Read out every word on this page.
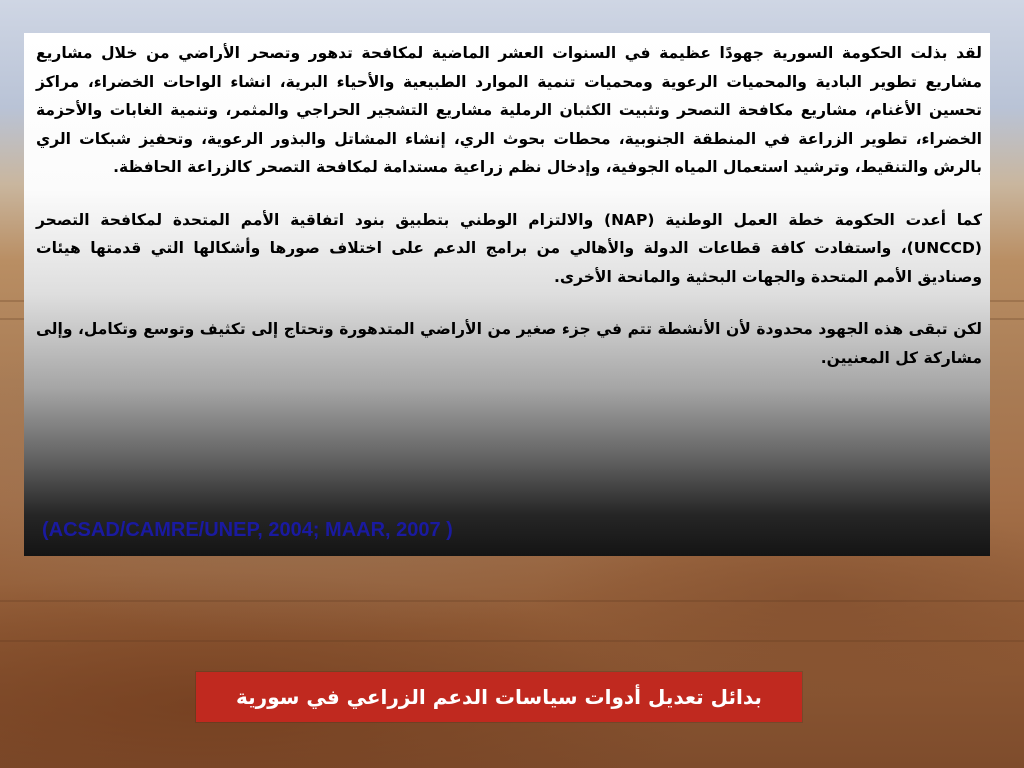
لقد بذلت الحكومة السورية جهودًا عظيمة في السنوات العشر الماضية لمكافحة تدهور وتصحر الأراضي من خلال مشاريع مشاريع تطوير البادية والمحميات الرعوية ومحميات تنمية الموارد الطبيعية والأحياء البرية، انشاء الواحات الخضراء، مراكز تحسين الأغنام، مشاريع مكافحة التصحر وتثبيت الكثبان الرملية مشاريع التشجير الحراجي والمثمر، وتنمية الغابات والأحزمة الخضراء، تطوير الزراعة في المنطقة الجنوبية، محطات بحوث الري، إنشاء المشاتل والبذور الرعوية، وتحفيز شبكات الري بالرش والتنقيط، وترشيد استعمال المياه الجوفية، وإدخال نظم زراعية مستدامة لمكافحة التصحر كالزراعة الحافظة.

كما أعدت الحكومة خطة العمل الوطنية (NAP) والالتزام الوطني بتطبيق بنود اتفاقية الأمم المتحدة لمكافحة التصحر (UNCCD)، واستفادت كافة قطاعات الدولة والأهالي من برامج الدعم على اختلاف صورها وأشكالها التي قدمتها هيئات وصناديق الأمم المتحدة والجهات البحثية والمانحة الأخرى.

لكن تبقى هذه الجهود محدودة لأن الأنشطة تتم في جزء صغير من الأراضي المتدهورة وتحتاج إلى تكثيف وتوسع وتكامل، وإلى مشاركة كل المعنيين.

(ACSAD/CAMRE/UNEP, 2004; MAAR, 2007 )

بدائل تعديل أدوات سياسات الدعم الزراعي في سورية
